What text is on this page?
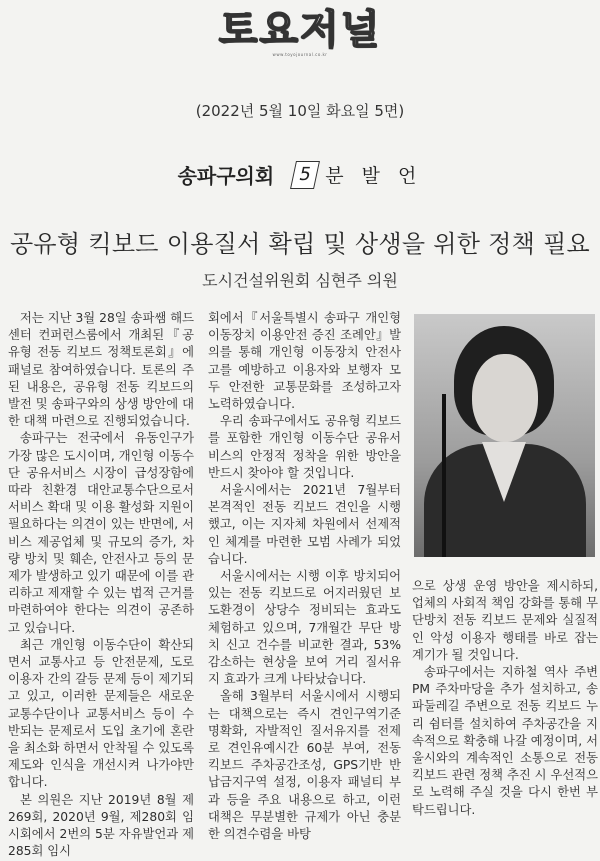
토요저널
www.toyojournal.co.kr
(2022년 5월 10일 화요일 5면)
송파구의회	5 분 발 언
공유형 킥보드 이용질서 확립 및 상생을 위한 정책 필요
도시건설위원회 심현주 의원

저는 지난 3월 28일 송파쌤 해드센터 컨퍼런스룸에서 개최된『공유형 전동 킥보드 정책토론회』에 패널로 참여하였습니다. 토론의 주된 내용은, 공유형 전동 킥보드의 발전 및 송파구와의 상생 방안에 대한 대책 마련으로 진행되었습니다.

송파구는 전국에서 유동인구가 가장 많은 도시이며, 개인형 이동수단 공유서비스 시장이 급성장함에 따라 친환경 대안교통수단으로서 서비스 확대 및 이용 활성화 지원이 필요하다는 의견이 있는 반면에, 서비스 제공업체 및 규모의 증가, 차량 방치 및 훼손, 안전사고 등의 문제가 발생하고 있기 때문에 이를 관리하고 제재할 수 있는 법적 근거를 마련하여야 한다는 의견이 공존하고 있습니다.

최근 개인형 이동수단이 확산되면서 교통사고 등 안전문제, 도로 이용자 간의 갈등 문제 등이 제기되고 있고, 이러한 문제들은 새로운 교통수단이나 교통서비스 등이 수반되는 문제로서 도입 초기에 혼란을 최소화 하면서 안착될 수 있도록 제도와 인식을 개선시켜 나가야만 합니다.

본 의원은 지난 2019년 8월 제269회, 2020년 9월, 제280회 임시회에서 2번의 5분 자유발언과 제285회 임시

회에서『서울특별시 송파구 개인형 이동장치 이용안전 증진 조례안』발의를 통해 개인형 이동장치 안전사고를 예방하고 이용자와 보행자 모두 안전한 교통문화를 조성하고자 노력하였습니다.

우리 송파구에서도 공유형 킥보드를 포함한 개인형 이동수단 공유서비스의 안정적 정착을 위한 방안을 반드시 찾아야 할 것입니다.

서울시에서는 2021년 7월부터 본격적인 전동 킥보드 견인을 시행했고, 이는 지자체 차원에서 선제적인 체계를 마련한 모범 사례가 되었습니다.

서울시에서는 시행 이후 방치되어 있는 전동 킥보드로 어지러웠던 보도환경이 상당수 정비되는 효과도 체험하고 있으며, 7개월간 무단 방치 신고 건수를 비교한 결과, 53% 감소하는 현상을 보여 거리 질서유지 효과가 크게 나타났습니다.

올해 3월부터 서울시에서 시행되는 대책으로는 즉시 견인구역기준 명확화, 자발적인 질서유지를 전제로 견인유예시간 60분 부여, 전동 킥보드 주차공간조성, GPS기반 반납금지구역 설정, 이용자 패널티 부과 등을 주요 내용으로 하고, 이런 대책은 무분별한 규제가 아닌 충분한 의견수렴을 바탕

으로 상생 운영 방안을 제시하되, 업체의 사회적 책임 강화를 통해 무단방치 전동 킥보드 문제와 실질적인 악성 이용자 행태를 바로 잡는 계기가 될 것입니다.

송파구에서는 지하철 역사 주변 PM 주차마당을 추가 설치하고, 송파둘레길 주변으로 전동 킥보드 누리 쉼터를 설치하여 주차공간을 지속적으로 확충해 나갈 예정이며, 서울시와의 계속적인 소통으로 전동 킥보드 관련 정책 추진 시 우선적으로 노력해 주실 것을 다시 한번 부탁드립니다.
